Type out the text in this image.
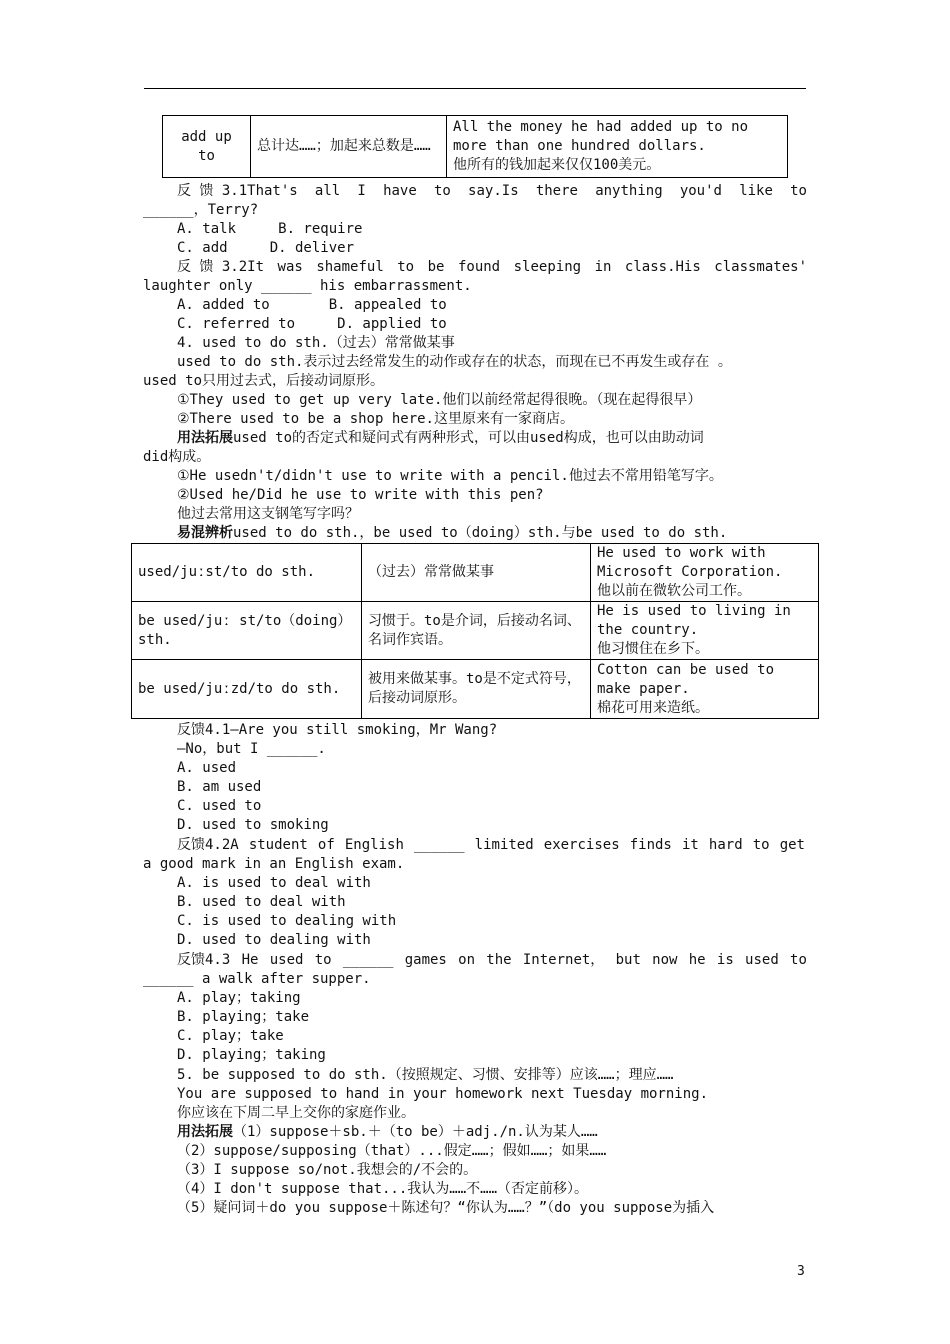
add up to	总计达……；加起来总数是……	
All the money he had added up to no more than one hundred dollars.
他所有的钱加起来仅仅100美元。
反 馈 3.1That's all I have to say.Is there anything you'd like to
______，Terry?
A. talk     B. require
C. add     D. deliver
反 馈 3.2It was shameful to be found sleeping in class.His classmates'
laughter only ______ his embarrassment.
A. added to       B. appealed to
C. referred to     D. applied to
4. used to do sth.（过去）常常做某事
used to do sth.表示过去经常发生的动作或存在的状态，而现在已不再发生或存在 。
used to只用过去式，后接动词原形。
①They used to get up very late.他们以前经常起得很晚。（现在起得很早）
②There used to be a shop here.这里原来有一家商店。
用法拓展used to的否定式和疑问式有两种形式，可以由used构成，也可以由助动词
did构成。
①He usedn't/didn't use to write with a pencil.他过去不常用铅笔写字。
②Used he/Did he use to write with this pen?
他过去常用这支钢笔写字吗？
易混辨析used to do sth.，be used to（doing）sth.与be used to do sth.
used/juːst/to do sth.	（过去）常常做某事	He used to work with Microsoft Corporation.
他以前在微软公司工作。

be used/juː st/to（doing）sth.	习惯于。to是介词，后接动名词、名词作宾语。	He is used to living in the country.
他习惯住在乡下。

be used/juːzd/to do sth.	被用来做某事。to是不定式符号，后接动词原形。	Cotton can be used to make paper.
棉花可用来造纸。
反馈4.1—Are you still smoking，Mr Wang?
—No，but I ______.
A. used
B. am used
C. used to
D. used to smoking
反馈4.2A student of English ______ limited exercises finds it hard to get
a good mark in an English exam.
A. is used to deal with
B. used to deal with
C. is used to dealing with
D. used to dealing with
反馈4.3 He used to ______ games on the Internet， but now he is used to
______ a walk after supper.
A. play；taking
B. playing；take
C. play；take
D. playing；taking
5. be supposed to do sth.（按照规定、习惯、安排等）应该……；理应……
You are supposed to hand in your homework next Tuesday morning.
你应该在下周二早上交你的家庭作业。
用法拓展（1）suppose＋sb.＋（to be）＋adj./n.认为某人……
（2）suppose/supposing（that）...假定……；假如……；如果……
（3）I suppose so/not.我想会的/不会的。
（4）I don't suppose that...我认为……不……（否定前移）。
（5）疑问词＋do you suppose＋陈述句？“你认为……？”（do you suppose为插入
3
